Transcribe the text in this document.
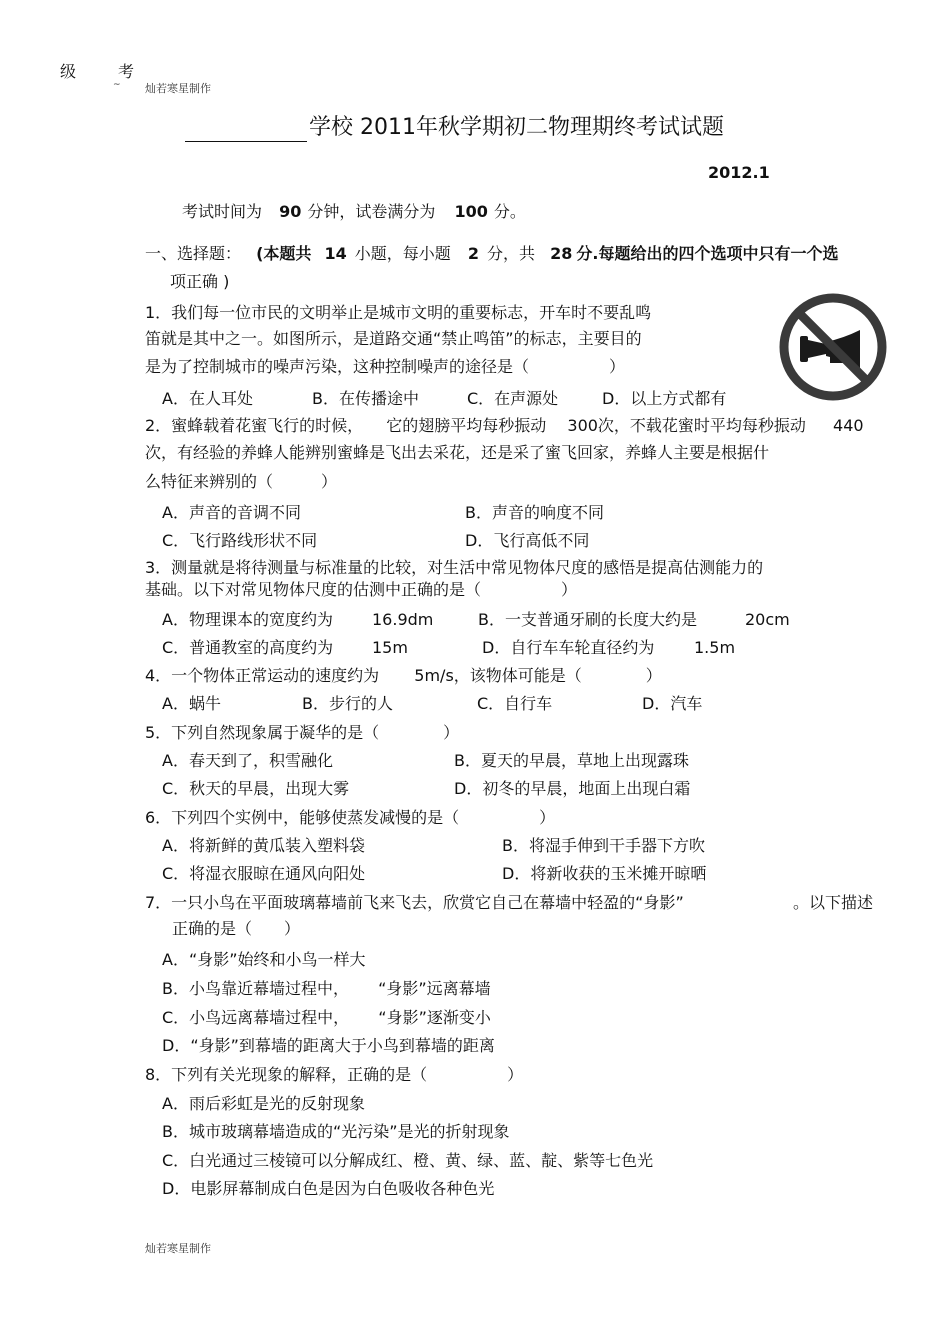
级	考
~ 灿若寒星制作
学校 2011年秋学期初二物理期终考试试题
2012.1
考试时间为 90 分钟，试卷满分为 100 分。
一、选择题： (本题共 14 小题，每小题 2 分，共 28 分.每题给出的四个选项中只有一个选
项正确 )
1．我们每一位市民的文明举止是城市文明的重要标志，开车时不要乱鸣
笛就是其中之一。如图所示，是道路交通“禁止鸣笛”的标志，主要目的
是为了控制城市的噪声污染，这种控制噪声的途径是（　　　　　）
A．在人耳处	B．在传播途中	C．在声源处	D．以上方式都有
2．蜜蜂载着花蜜飞行的时候， 它的翅膀平均每秒振动 300次，不载花蜜时平均每秒振动 440
次，有经验的养蜂人能辨别蜜蜂是飞出去采花，还是采了蜜飞回家，养蜂人主要是根据什
么特征来辨别的（　　　）
A．声音的音调不同	B．声音的响度不同
C．飞行路线形状不同	D．飞行高低不同
3．测量就是将待测量与标准量的比较，对生活中常见物体尺度的感悟是提高估测能力的
基础。以下对常见物体尺度的估测中正确的是（　　　　　）
A．物理课本的宽度约为 16.9dm	B．一支普通牙刷的长度大约是	20cm
C．普通教室的高度约为 15m	D．自行车车轮直径约为 1.5m
4．一个物体正常运动的速度约为 5m/s，该物体可能是（　　　　）
A．蜗牛	B．步行的人	C．自行车	D．汽车
5．下列自然现象属于凝华的是（　　　　）
A．春天到了，积雪融化	B．夏天的早晨，草地上出现露珠
C．秋天的早晨，出现大雾	D．初冬的早晨，地面上出现白霜
6．下列四个实例中，能够使蒸发减慢的是（　　　　　）
A．将新鲜的黄瓜装入塑料袋	B．将湿手伸到干手器下方吹
C．将湿衣服晾在通风向阳处	D．将新收获的玉米摊开晾晒
7．一只小鸟在平面玻璃幕墙前飞来飞去，欣赏它自己在幕墙中轻盈的“身影”	。以下描述
正确的是（　　）
A．“身影”始终和小鸟一样大
B．小鸟靠近幕墙过程中， “身影”远离幕墙
C．小鸟远离幕墙过程中， “身影”逐渐变小
D．“身影”到幕墙的距离大于小鸟到幕墙的距离
8．下列有关光现象的解释，正确的是（　　　　　）
A．雨后彩虹是光的反射现象
B．城市玻璃幕墙造成的“光污染”是光的折射现象
C．白光通过三棱镜可以分解成红、橙、黄、绿、蓝、靛、紫等七色光
D．电影屏幕制成白色是因为白色吸收各种色光
灿若寒星制作
